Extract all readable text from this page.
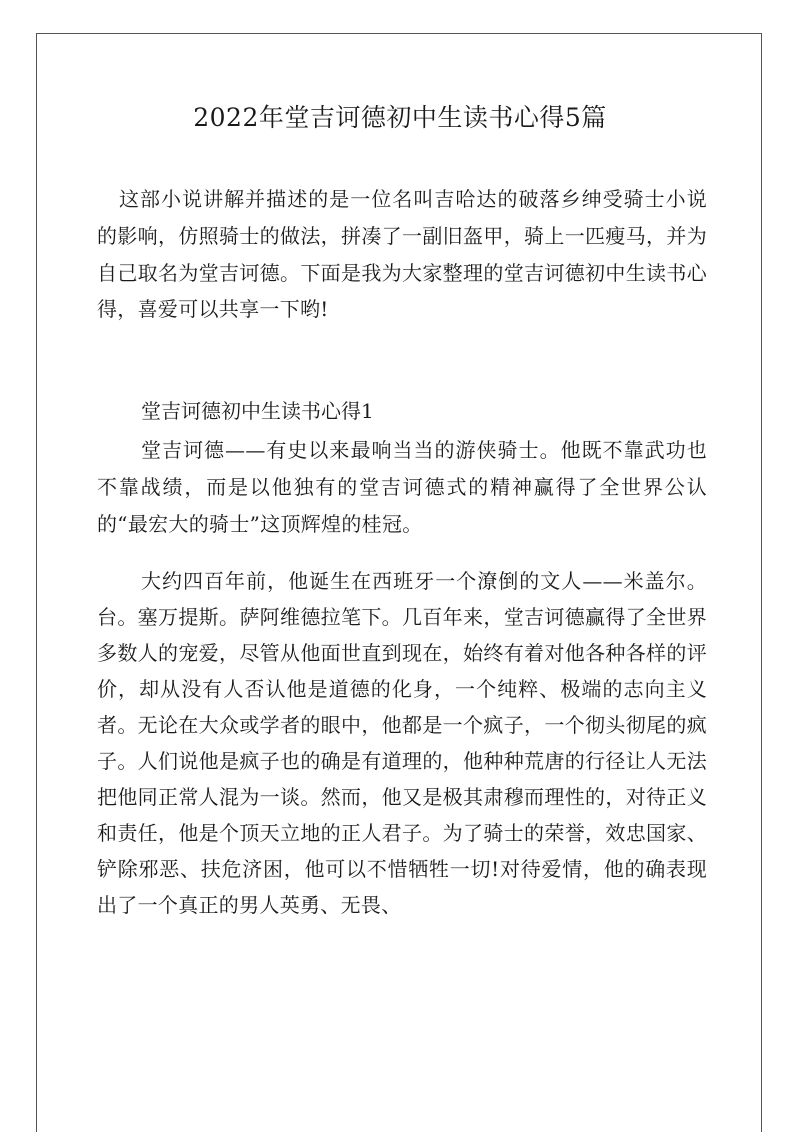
2022年堂吉诃德初中生读书心得5篇

这部小说讲解并描述的是一位名叫吉哈达的破落乡绅受骑士小说的影响，仿照骑士的做法，拼凑了一副旧盔甲，骑上一匹瘦马，并为自己取名为堂吉诃德。下面是我为大家整理的堂吉诃德初中生读书心得，喜爱可以共享一下哟!

堂吉诃德初中生读书心得1

堂吉诃德——有史以来最响当当的游侠骑士。他既不靠武功也不靠战绩，而是以他独有的堂吉诃德式的精神赢得了全世界公认的“最宏大的骑士”这顶辉煌的桂冠。

大约四百年前，他诞生在西班牙一个潦倒的文人——米盖尔。台。塞万提斯。萨阿维德拉笔下。几百年来，堂吉诃德赢得了全世界多数人的宠爱，尽管从他面世直到现在，始终有着对他各种各样的评价，却从没有人否认他是道德的化身，一个纯粹、极端的志向主义者。无论在大众或学者的眼中，他都是一个疯子，一个彻头彻尾的疯子。人们说他是疯子也的确是有道理的，他种种荒唐的行径让人无法把他同正常人混为一谈。然而，他又是极其肃穆而理性的，对待正义和责任，他是个顶天立地的正人君子。为了骑士的荣誉，效忠国家、铲除邪恶、扶危济困，他可以不惜牺牲一切!对待爱情，他的确表现出了一个真正的男人英勇、无畏、
